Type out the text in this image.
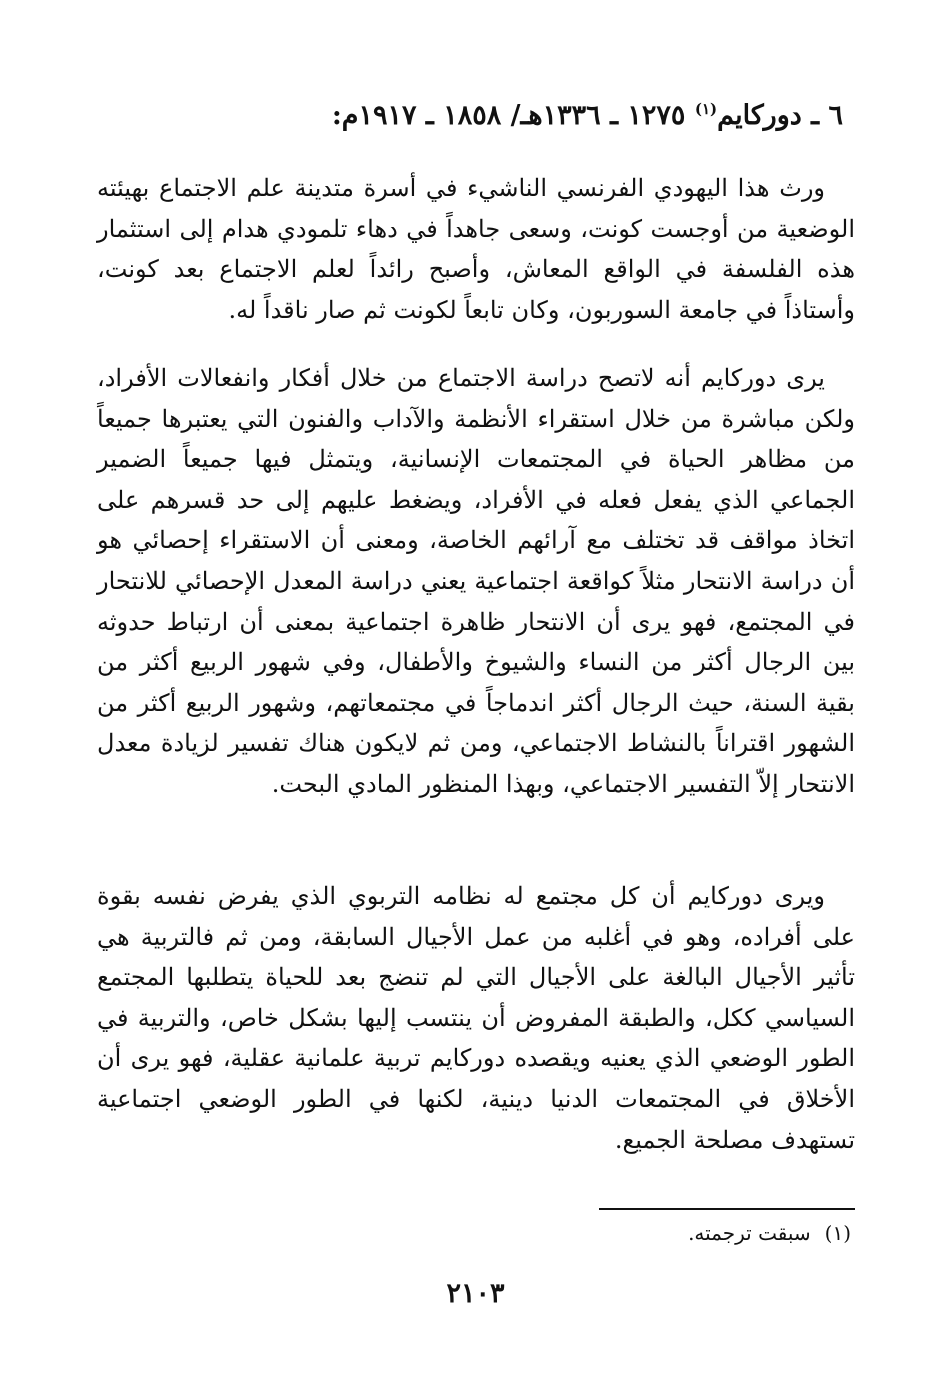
٦ ـ دوركايم$^{(١)}$ ١٢٧٥ ـ ١٣٣٦هـ/ ١٨٥٨ ـ ١٩١٧م:
ورث هذا اليهودي الفرنسي الناشيء في أسرة متدينة علم الاجتماع بهيئته الوضعية من أوجست كونت، وسعى جاهداً في دهاء تلمودي هدام إلى استثمار هذه الفلسفة في الواقع المعاش، وأصبح رائداً لعلم الاجتماع بعد كونت، وأستاذاً في جامعة السوربون، وكان تابعاً لكونت ثم صار ناقداً له.
يرى دوركايم أنه لاتصح دراسة الاجتماع من خلال أفكار وانفعالات الأفراد، ولكن مباشرة من خلال استقراء الأنظمة والآداب والفنون التي يعتبرها جميعاً من مظاهر الحياة في المجتمعات الإنسانية، ويتمثل فيها جميعاً الضمير الجماعي الذي يفعل فعله في الأفراد، ويضغط عليهم إلى حد قسرهم على اتخاذ مواقف قد تختلف مع آرائهم الخاصة، ومعنى أن الاستقراء إحصائي هو أن دراسة الانتحار مثلاً كواقعة اجتماعية يعني دراسة المعدل الإحصائي للانتحار في المجتمع، فهو يرى أن الانتحار ظاهرة اجتماعية بمعنى أن ارتباط حدوثه بين الرجال أكثر من النساء والشيوخ والأطفال، وفي شهور الربيع أكثر من بقية السنة، حيث الرجال أكثر اندماجاً في مجتمعاتهم، وشهور الربيع أكثر من الشهور اقتراناً بالنشاط الاجتماعي، ومن ثم لايكون هناك تفسير لزيادة معدل الانتحار إلاّ التفسير الاجتماعي، وبهذا المنظور المادي البحت.
ويرى دوركايم أن كل مجتمع له نظامه التربوي الذي يفرض نفسه بقوة على أفراده، وهو في أغلبه من عمل الأجيال السابقة، ومن ثم فالتربية هي تأثير الأجيال البالغة على الأجيال التي لم تنضج بعد للحياة يتطلبها المجتمع السياسي ككل، والطبقة المفروض أن ينتسب إليها بشكل خاص، والتربية في الطور الوضعي الذي يعنيه ويقصده دوركايم تربية علمانية عقلية، فهو يرى أن الأخلاق في المجتمعات الدنيا دينية، لكنها في الطور الوضعي اجتماعية تستهدف مصلحة الجميع.
(١)سبقت ترجمته.
٢١٠٣
